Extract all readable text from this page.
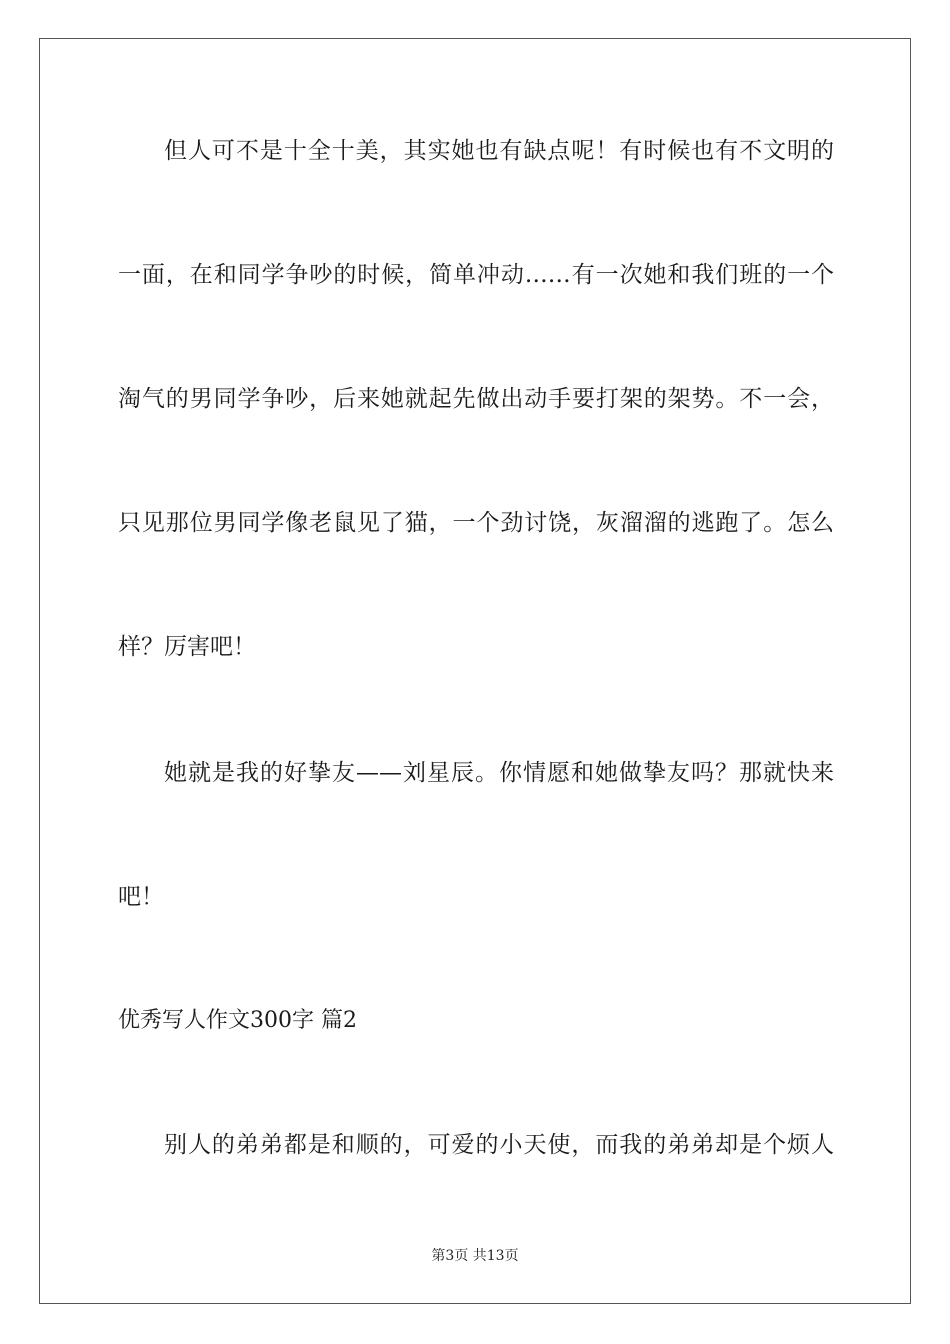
但人可不是十全十美，其实她也有缺点呢！有时候也有不文明的

一面，在和同学争吵的时候，简单冲动……有一次她和我们班的一个

淘气的男同学争吵，后来她就起先做出动手要打架的架势。不一会，

只见那位男同学像老鼠见了猫，一个劲讨饶，灰溜溜的逃跑了。怎么

样？厉害吧！

她就是我的好挚友——刘星辰。你情愿和她做挚友吗？那就快来

吧！

优秀写人作文300字 篇2

别人的弟弟都是和顺的，可爱的小天使，而我的弟弟却是个烦人

第3页 共13页
